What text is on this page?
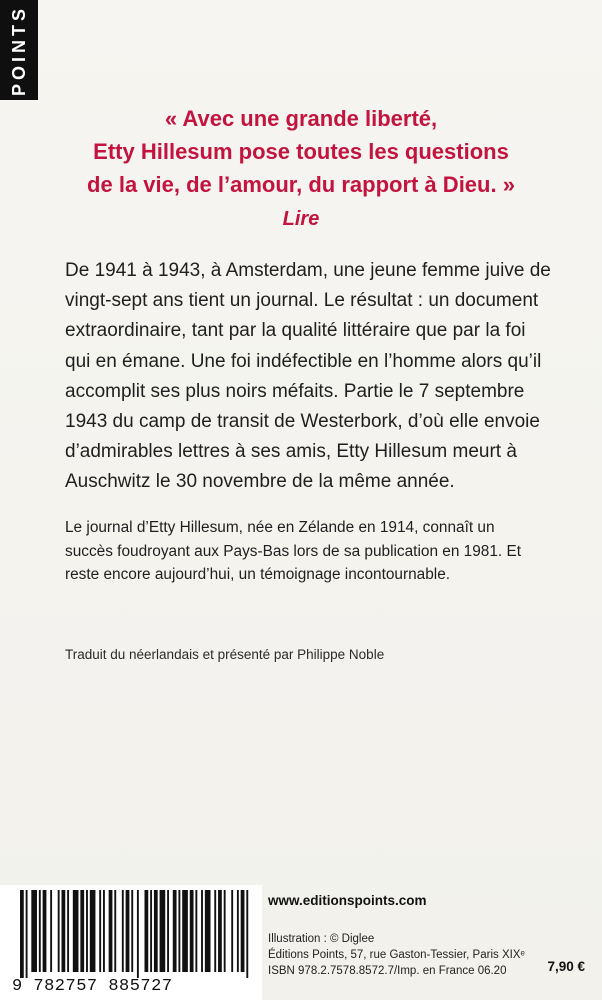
POINTS
« Avec une grande liberté,
Etty Hillesum pose toutes les questions
de la vie, de l’amour, du rapport à Dieu. »
Lire
De 1941 à 1943, à Amsterdam, une jeune femme juive de
vingt-sept ans tient un journal. Le résultat : un document
extraordinaire, tant par la qualité littéraire que par la foi
qui en émane. Une foi indéfectible en l’homme alors qu’il
accomplit ses plus noirs méfaits. Partie le 7 septembre
1943 du camp de transit de Westerbork, d’où elle envoie
d’admirables lettres à ses amis, Etty Hillesum meurt à
Auschwitz le 30 novembre de la même année.
Le journal d’Etty Hillesum, née en Zélande en 1914, connaît un
succès foudroyant aux Pays-Bas lors de sa publication en 1981. Et
reste encore aujourd’hui, un témoignage incontournable.
Traduit du néerlandais et présenté par Philippe Noble
9 782757 885727
www.editionspoints.com
Illustration : © Diglee
Éditions Points, 57, rue Gaston-Tessier, Paris XIXᵉ
ISBN 978.2.7578.8572.7/Imp. en France 06.20	7,90 €
